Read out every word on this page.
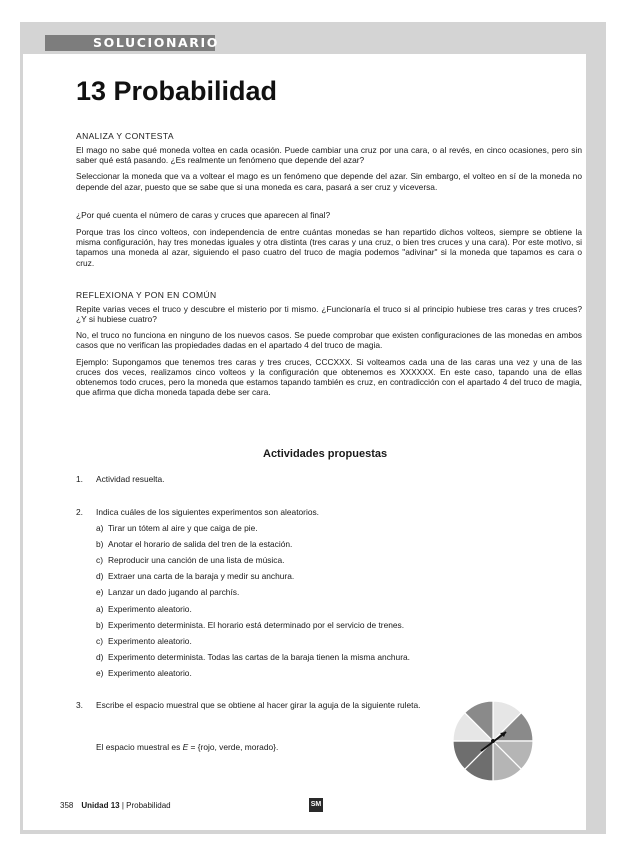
SOLUCIONARIO
13 Probabilidad
ANALIZA Y CONTESTA

El mago no sabe qué moneda voltea en cada ocasión. Puede cambiar una cruz por una cara, o al revés, en cinco ocasiones, pero sin saber qué está pasando. ¿Es realmente un fenómeno que depende del azar?

Seleccionar la moneda que va a voltear el mago es un fenómeno que depende del azar. Sin embargo, el volteo en sí de la moneda no depende del azar, puesto que se sabe que si una moneda es cara, pasará a ser cruz y viceversa.

¿Por qué cuenta el número de caras y cruces que aparecen al final?

Porque tras los cinco volteos, con independencia de entre cuántas monedas se han repartido dichos volteos, siempre se obtiene la misma configuración, hay tres monedas iguales y otra distinta (tres caras y una cruz, o bien tres cruces y una cara). Por este motivo, si tapamos una moneda al azar, siguiendo el paso cuatro del truco de magia podemos "adivinar" si la moneda que tapamos es cara o cruz.

REFLEXIONA Y PON EN COMÚN

Repite varias veces el truco y descubre el misterio por ti mismo. ¿Funcionaría el truco si al principio hubiese tres caras y tres cruces? ¿Y si hubiese cuatro?

No, el truco no funciona en ninguno de los nuevos casos. Se puede comprobar que existen configuraciones de las monedas en ambos casos que no verifican las propiedades dadas en el apartado 4 del truco de magia.

Ejemplo: Supongamos que tenemos tres caras y tres cruces, CCCXXX. Si volteamos cada una de las caras una vez y una de las cruces dos veces, realizamos cinco volteos y la configuración que obtenemos es XXXXXX. En este caso, tapando una de ellas obtenemos todo cruces, pero la moneda que estamos tapando también es cruz, en contradicción con el apartado 4 del truco de magia, que afirma que dicha moneda tapada debe ser cara.

Actividades propuestas
1. Actividad resuelta.
2. Indica cuáles de los siguientes experimentos son aleatorios.
a) Tirar un tótem al aire y que caiga de pie.
b) Anotar el horario de salida del tren de la estación.
c) Reproducir una canción de una lista de música.
d) Extraer una carta de la baraja y medir su anchura.
e) Lanzar un dado jugando al parchís.
a) Experimento aleatorio.
b) Experimento determinista. El horario está determinado por el servicio de trenes.
c) Experimento aleatorio.
d) Experimento determinista. Todas las cartas de la baraja tienen la misma anchura.
e) Experimento aleatorio.
3. Escribe el espacio muestral que se obtiene al hacer girar la aguja de la siguiente ruleta.
El espacio muestral es E = {rojo, verde, morado}.
358 Unidad 13 | Probabilidad	SM
